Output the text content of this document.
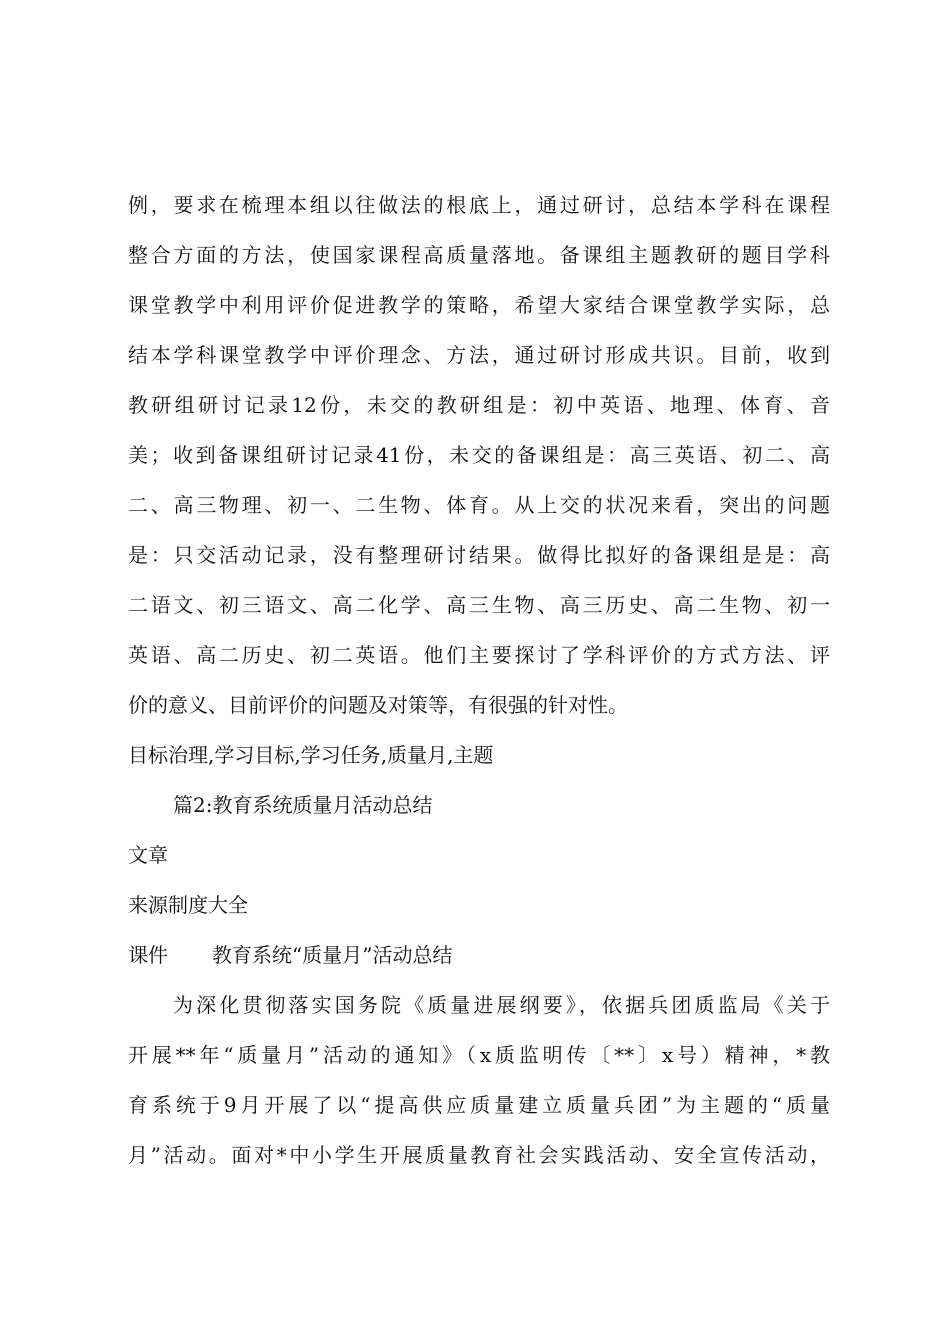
例，要求在梳理本组以往做法的根底上，通过研讨，总结本学科在课程
整合方面的方法，使国家课程高质量落地。备课组主题教研的题目学科
课堂教学中利用评价促进教学的策略，希望大家结合课堂教学实际，总
结本学科课堂教学中评价理念、方法，通过研讨形成共识。目前，收到
教研组研讨记录12份，未交的教研组是：初中英语、地理、体育、音
美；收到备课组研讨记录41份，未交的备课组是：高三英语、初二、高
二、高三物理、初一、二生物、体育。从上交的状况来看，突出的问题
是：只交活动记录，没有整理研讨结果。做得比拟好的备课组是是：高
二语文、初三语文、高二化学、高三生物、高三历史、高二生物、初一
英语、高二历史、初二英语。他们主要探讨了学科评价的方式方法、评
价的意义、目前评价的问题及对策等，有很强的针对性。
目标治理,学习目标,学习任务,质量月,主题
篇2:教育系统质量月活动总结
文章
来源制度大全
课件 教育系统“质量月”活动总结
为深化贯彻落实国务院《质量进展纲要》，依据兵团质监局《关于
开展**年“质量月”活动的通知》（x质监明传〔**〕x号）精神，*教
育系统于9月开展了以“提高供应质量建立质量兵团”为主题的“质量
月”活动。面对*中小学生开展质量教育社会实践活动、安全宣传活动，
